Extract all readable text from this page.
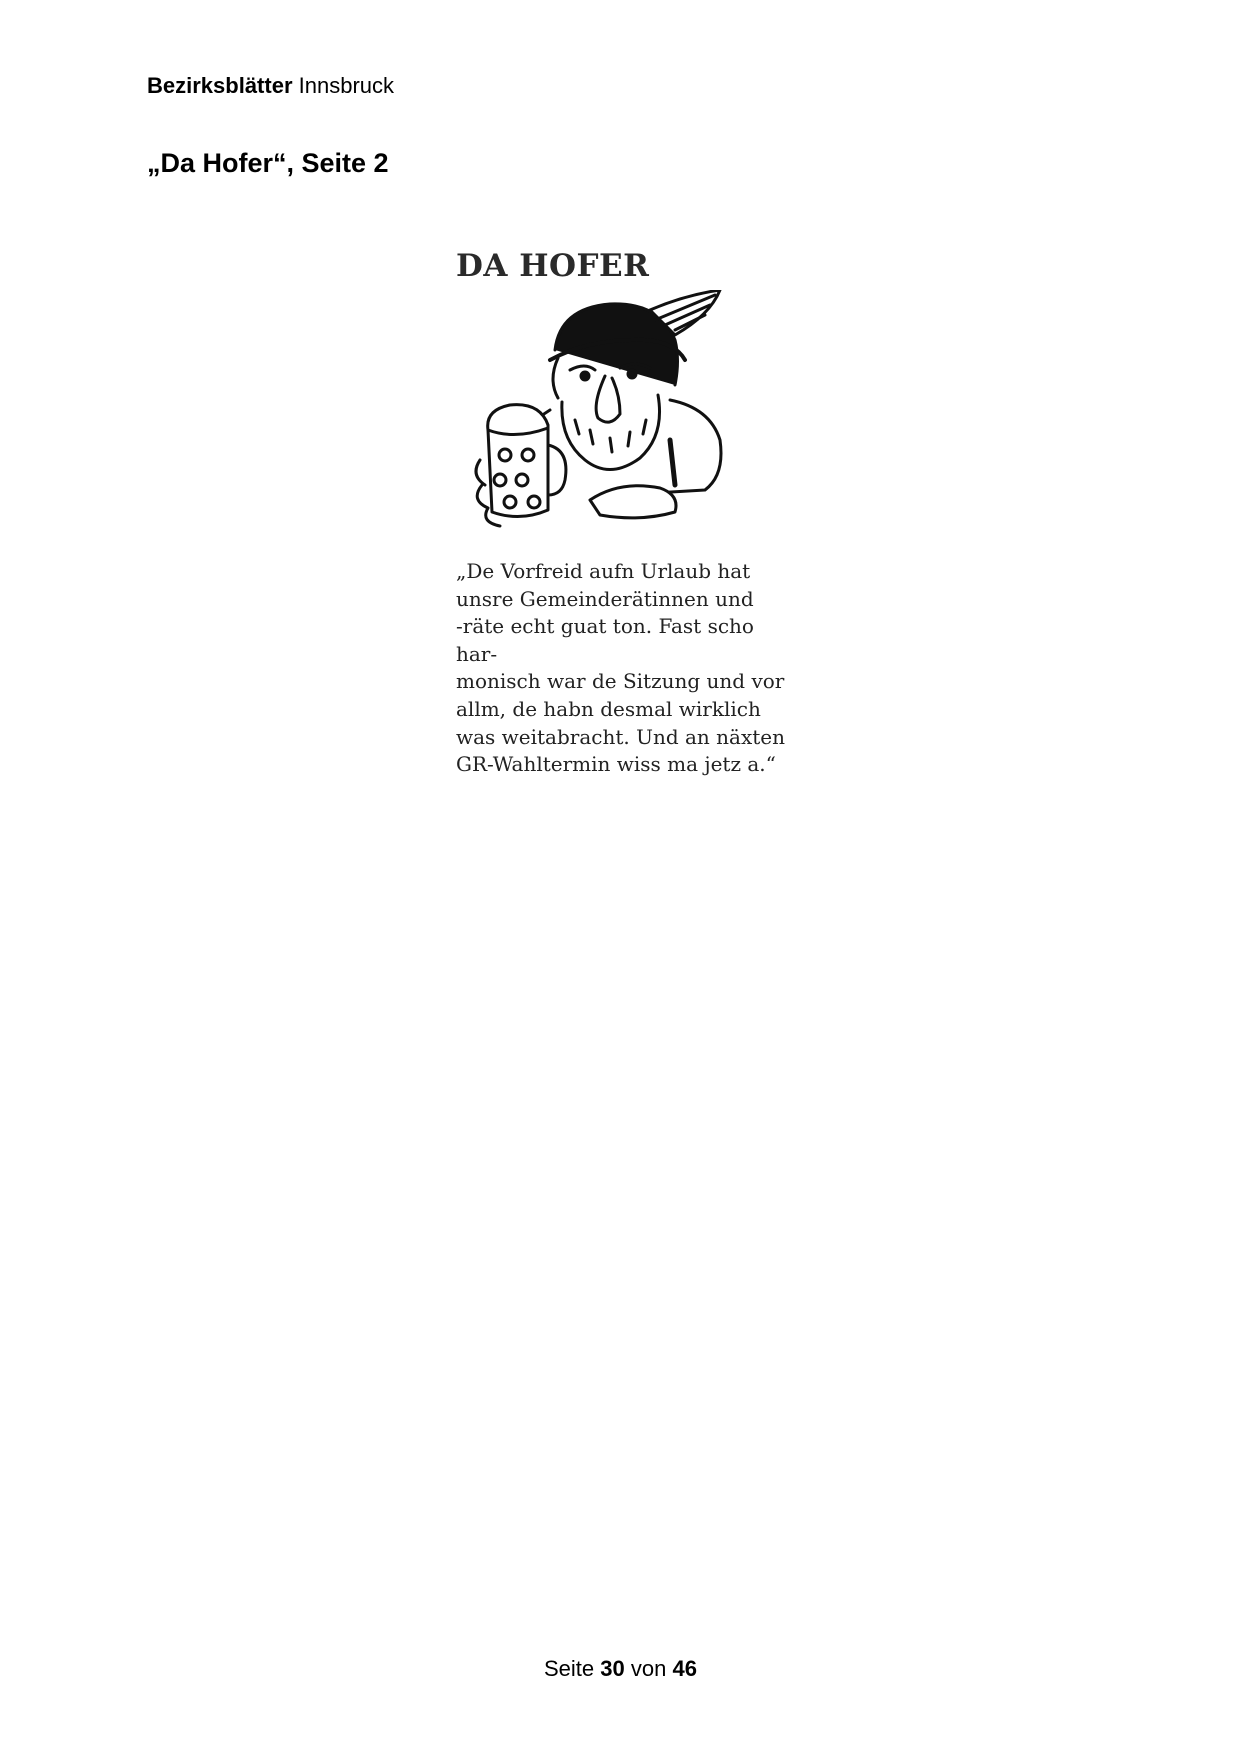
Bezirksblätter Innsbruck
„Da Hofer“, Seite 2
DA HOFER

„De Vorfreid aufn Urlaub hat
unsre Gemeinderätinnen und
-räte echt guat ton. Fast scho har-
monisch war de Sitzung und vor
allm, de habn desmal wirklich
was weitabracht. Und an näxten
GR-Wahltermin wiss ma jetz a.“

Seite 30 von 46
